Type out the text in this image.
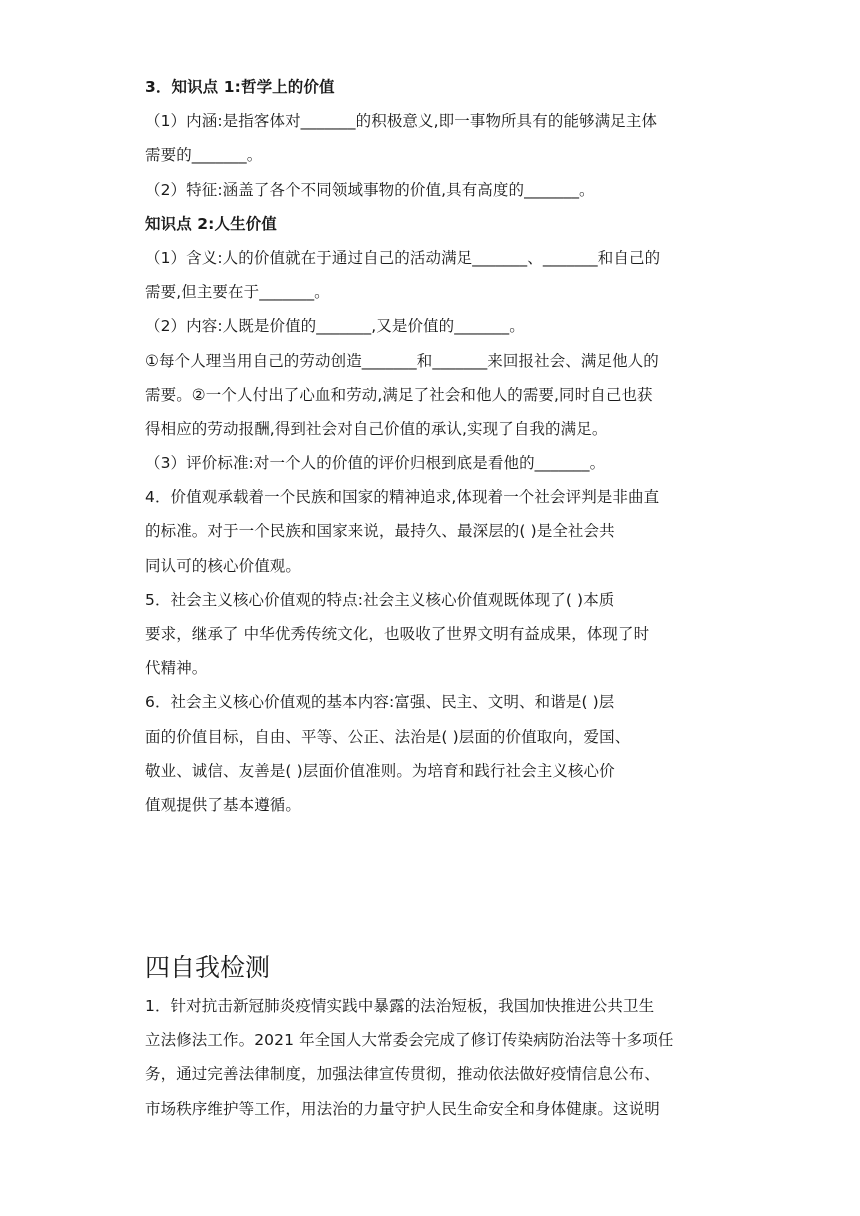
3．知识点 1:哲学上的价值
（1）内涵:是指客体对_______的积极意义,即一事物所具有的能够满足主体
需要的_______。
（2）特征:涵盖了各个不同领域事物的价值,具有高度的_______。
知识点 2:人生价值
（1）含义:人的价值就在于通过自己的活动满足_______、_______和自己的
需要,但主要在于_______。
（2）内容:人既是价值的_______,又是价值的_______。
①每个人理当用自己的劳动创造_______和_______来回报社会、满足他人的
需要。②一个人付出了心血和劳动,满足了社会和他人的需要,同时自己也获
得相应的劳动报酬,得到社会对自己价值的承认,实现了自我的满足。
（3）评价标准:对一个人的价值的评价归根到底是看他的_______。
4．价值观承载着一个民族和国家的精神追求,体现着一个社会评判是非曲直
的标准。对于一个民族和国家来说，最持久、最深层的( )是全社会共
同认可的核心价值观。
5．社会主义核心价值观的特点:社会主义核心价值观既体现了( )本质
要求，继承了 中华优秀传统文化，也吸收了世界文明有益成果，体现了时
代精神。
6．社会主义核心价值观的基本内容:富强、民主、文明、和谐是( )层
面的价值目标，自由、平等、公正、法治是( )层面的价值取向，爱国、
敬业、诚信、友善是( )层面价值准则。为培育和践行社会主义核心价
值观提供了基本遵循。
四自我检测
1．针对抗击新冠肺炎疫情实践中暴露的法治短板，我国加快推进公共卫生
立法修法工作。2021 年全国人大常委会完成了修订传染病防治法等十多项任
务，通过完善法律制度，加强法律宣传贯彻，推动依法做好疫情信息公布、
市场秩序维护等工作，用法治的力量守护人民生命安全和身体健康。这说明
